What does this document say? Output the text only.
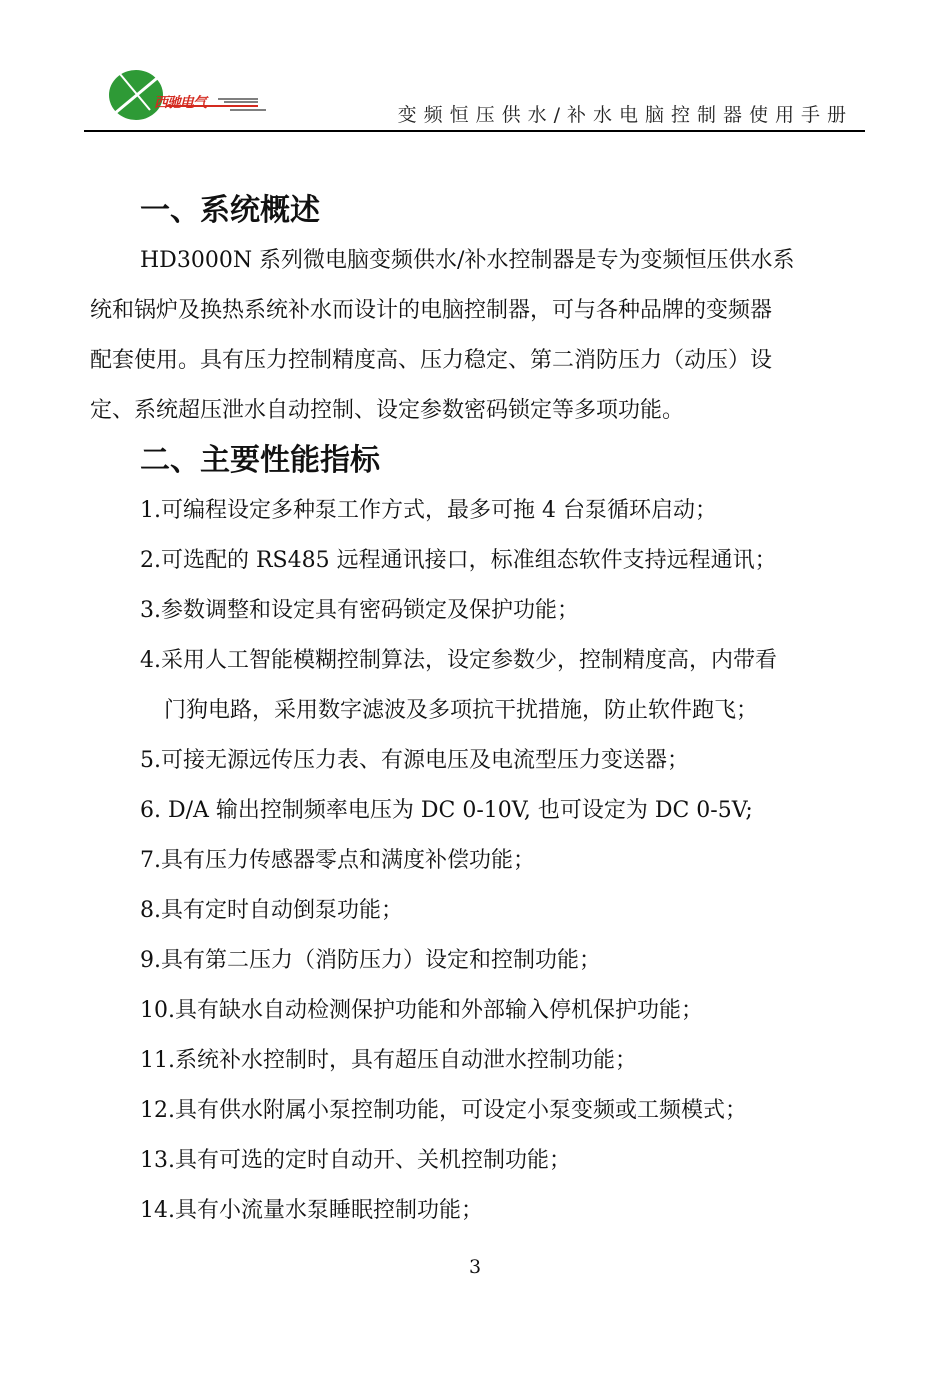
西驰电气
变频恒压供水/补水电脑控制器使用手册
一、系统概述

HD3000N 系列微电脑变频供水/补水控制器是专为变频恒压供水系
统和锅炉及换热系统补水而设计的电脑控制器，可与各种品牌的变频器
配套使用。具有压力控制精度高、压力稳定、第二消防压力（动压）设
定、系统超压泄水自动控制、设定参数密码锁定等多项功能。

二、主要性能指标
1.可编程设定多种泵工作方式，最多可拖 4 台泵循环启动；
2.可选配的 RS485 远程通讯接口，标准组态软件支持远程通讯；
3.参数调整和设定具有密码锁定及保护功能；
4.采用人工智能模糊控制算法，设定参数少，控制精度高，内带看
门狗电路，采用数字滤波及多项抗干扰措施，防止软件跑飞；
5.可接无源远传压力表、有源电压及电流型压力变送器；
6. D/A 输出控制频率电压为 DC 0-10V, 也可设定为 DC 0-5V;
7.具有压力传感器零点和满度补偿功能；
8.具有定时自动倒泵功能；
9.具有第二压力（消防压力）设定和控制功能；
10.具有缺水自动检测保护功能和外部输入停机保护功能；
11.系统补水控制时，具有超压自动泄水控制功能；
12.具有供水附属小泵控制功能，可设定小泵变频或工频模式；
13.具有可选的定时自动开、关机控制功能；
14.具有小流量水泵睡眠控制功能；
3
